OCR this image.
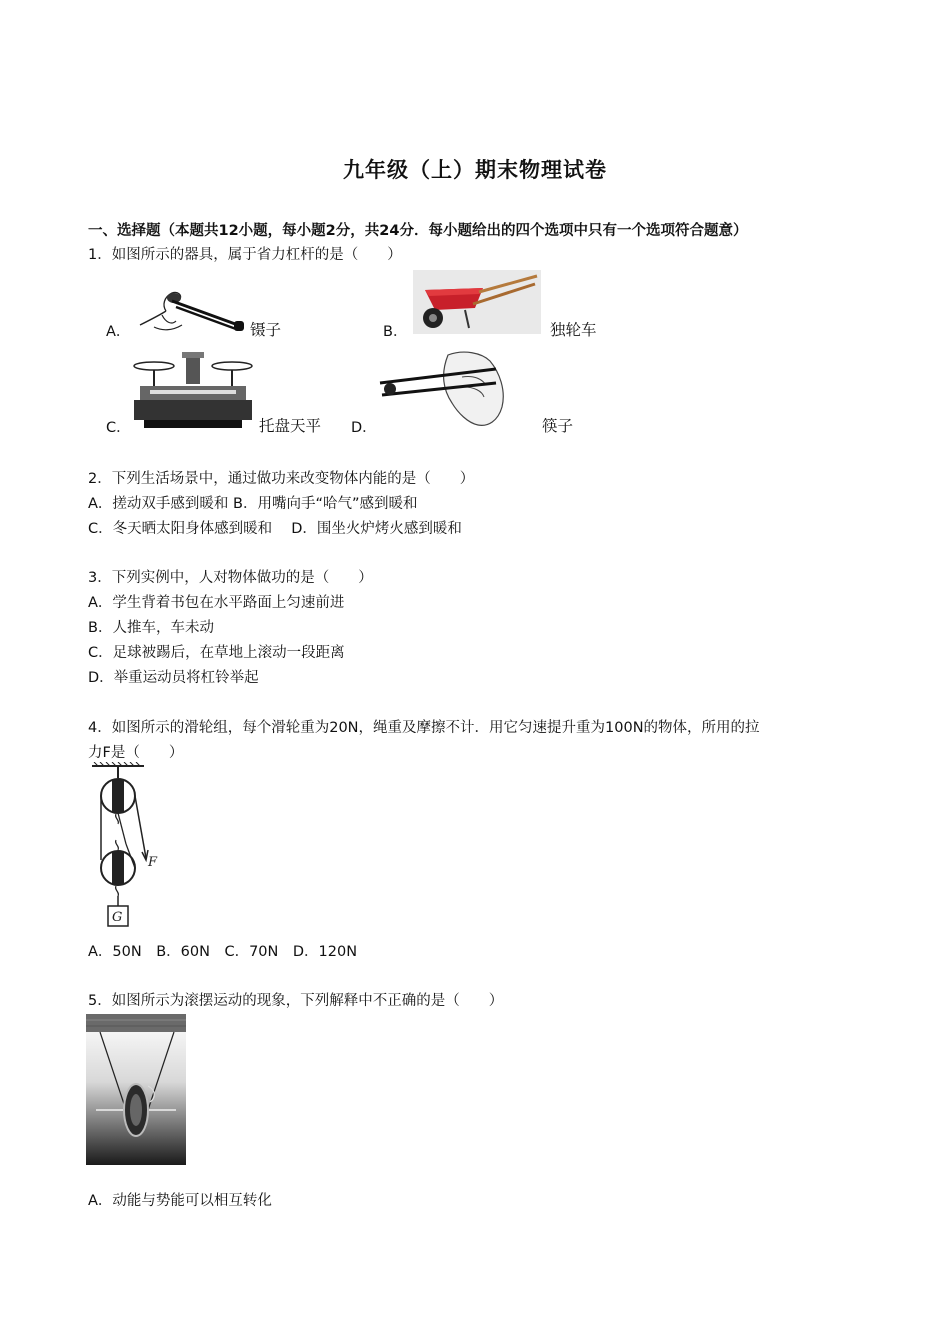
九年级（上）期末物理试卷
一、选择题（本题共12小题，每小题2分，共24分．每小题给出的四个选项中只有一个选项符合题意）
1．如图所示的器具，属于省力杠杆的是（　　）
A．	镊子	B．	独轮车
C．	托盘天平 D．	筷子
2．下列生活场景中，通过做功来改变物体内能的是（　　）
A．搓动双手感到暖和 B．用嘴向手“哈气”感到暖和
C．冬天晒太阳身体感到暖和　 D．围坐火炉烤火感到暖和
3．下列实例中，人对物体做功的是（　　）
A．学生背着书包在水平路面上匀速前进
B．人推车，车未动
C．足球被踢后，在草地上滚动一段距离
D．举重运动员将杠铃举起
4．如图所示的滑轮组，每个滑轮重为20N，绳重及摩擦不计．用它匀速提升重为100N的物体，所用的拉
力F是（　　）
F
G
A．50N　B．60N　C．70N　D．120N
5．如图所示为滚摆运动的现象，下列解释中不正确的是（　　）
A．动能与势能可以相互转化
